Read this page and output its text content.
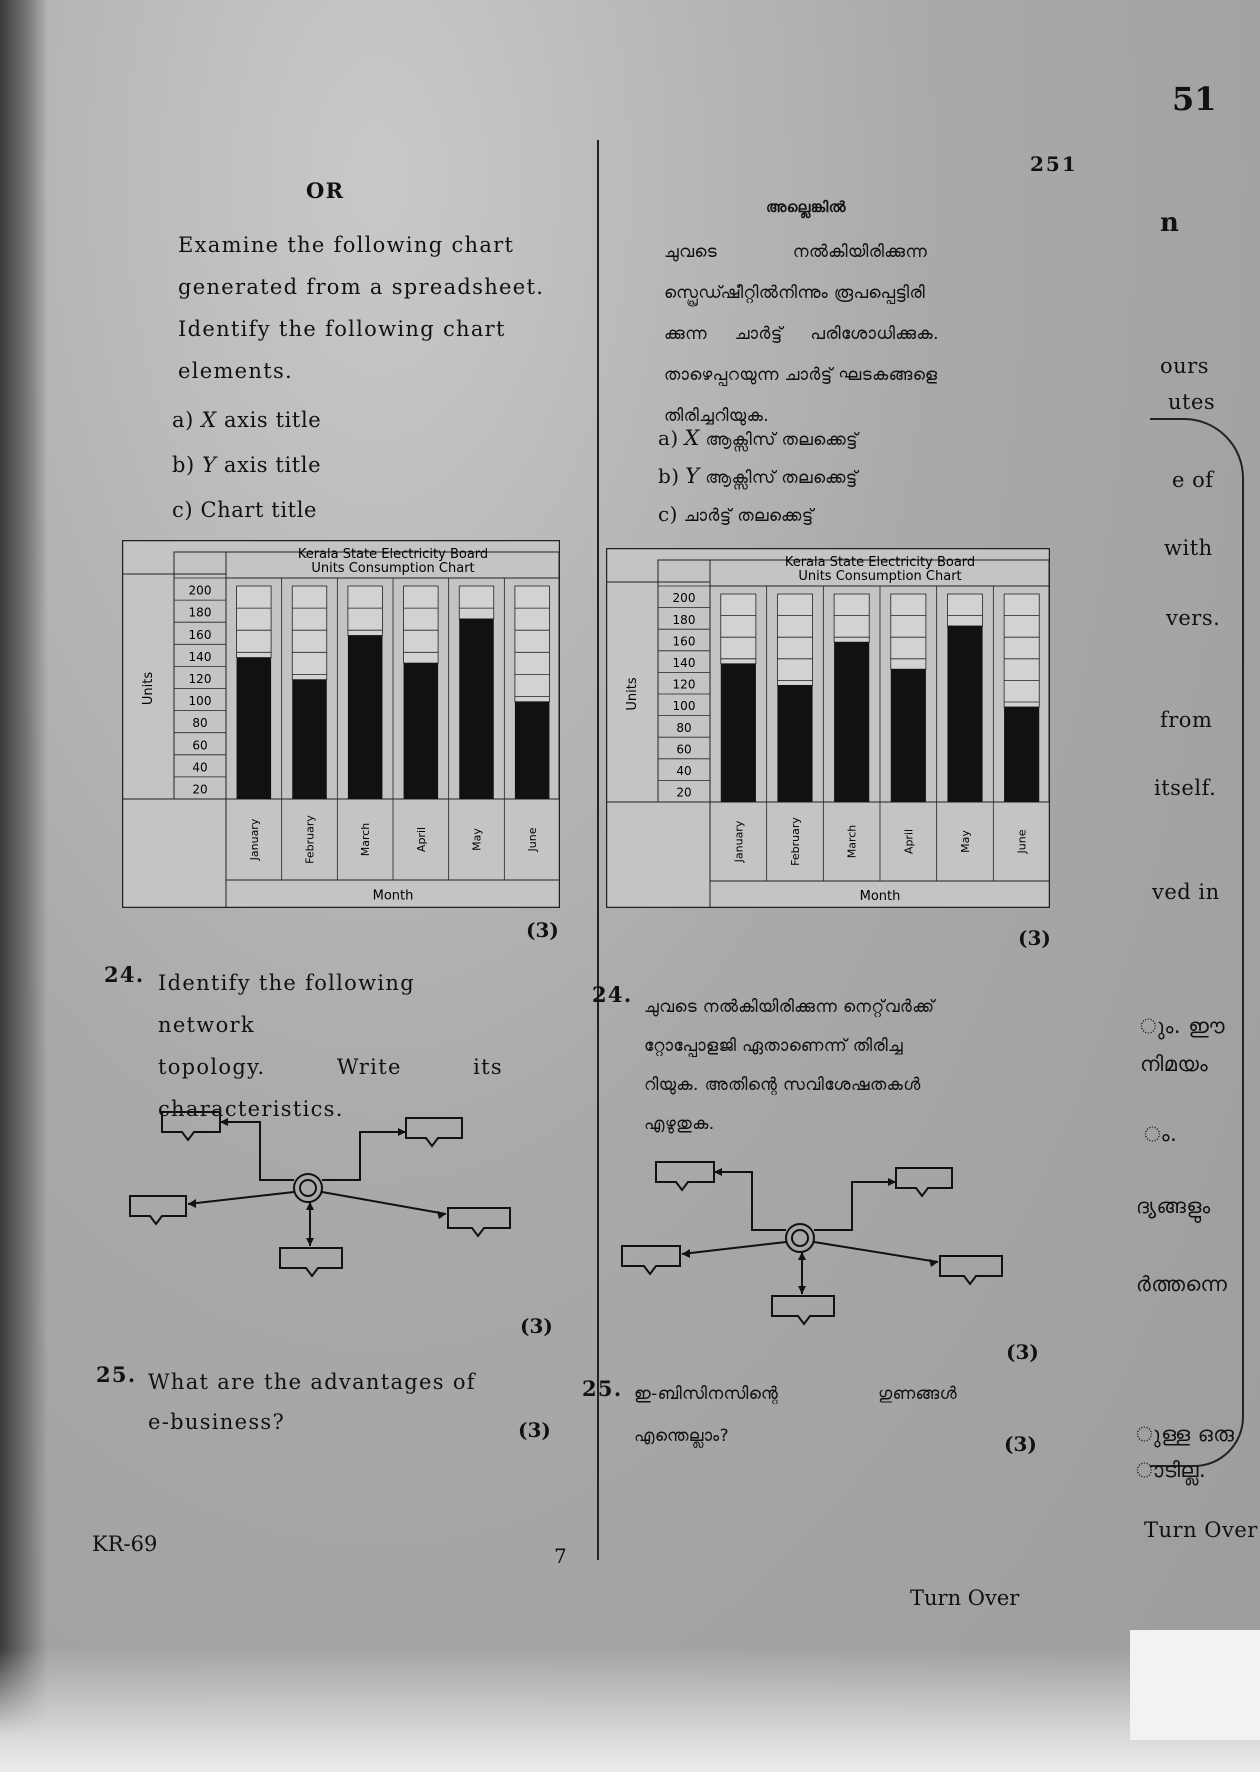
51
251
OR
Examine the following chart
generated from a spreadsheet.
Identify the following chart
elements.
a) X axis title
b) Y axis title
c) Chart title
Kerala State Electricity Board
Units Consumption Chart
200
180
160
140
120
100
80
60
40
20
Units
January	February	March	April	May	June
Month
(3)
24. Identify the following network
topology.	Write	its
characteristics.
(3)
25. What are the advantages of
e-business?	(3)
അല്ലെങ്കിൽ
ചുവടെ നൽകിയിരിക്കുന്ന
സ്പ്രെഡ്ഷീറ്റിൽനിന്നും രൂപപ്പെട്ടിരി
ക്കുന്ന ചാർട്ട് പരിശോധിക്കുക.
താഴെപ്പറയുന്ന ചാർട്ട് ഘടകങ്ങളെ
തിരിച്ചറിയുക.
a) X ആക്സിസ് തലക്കെട്ട്
b) Y ആക്സിസ് തലക്കെട്ട്
c) ചാർട്ട് തലക്കെട്ട്
Kerala State Electricity Board
Units Consumption Chart
200
180
160
140
120
100
80
60
40
20
Units
January	February	March	April	May	June
Month
(3)
24. ചുവടെ നൽകിയിരിക്കുന്ന നെറ്റ്‌വർക്ക്
റ്റോപ്പോളജി ഏതാണെന്ന് തിരിച്ച
റിയുക. അതിന്റെ സവിശേഷതകൾ
എഴുതുക.
(3)
25. ഇ-ബിസിനസിന്റെ	ഗുണങ്ങൾ
എന്തെല്ലാം?	(3)
KR-69	7
Turn Over
n
ours
utes
e of
with
vers.
from
itself.
ved in
ും. ഈ
നിമയം
ം.
ദ്യങ്ങളും
ർത്തന്നെ
ുള്ള ഒരു
ാടില്ല.
Turn Over
